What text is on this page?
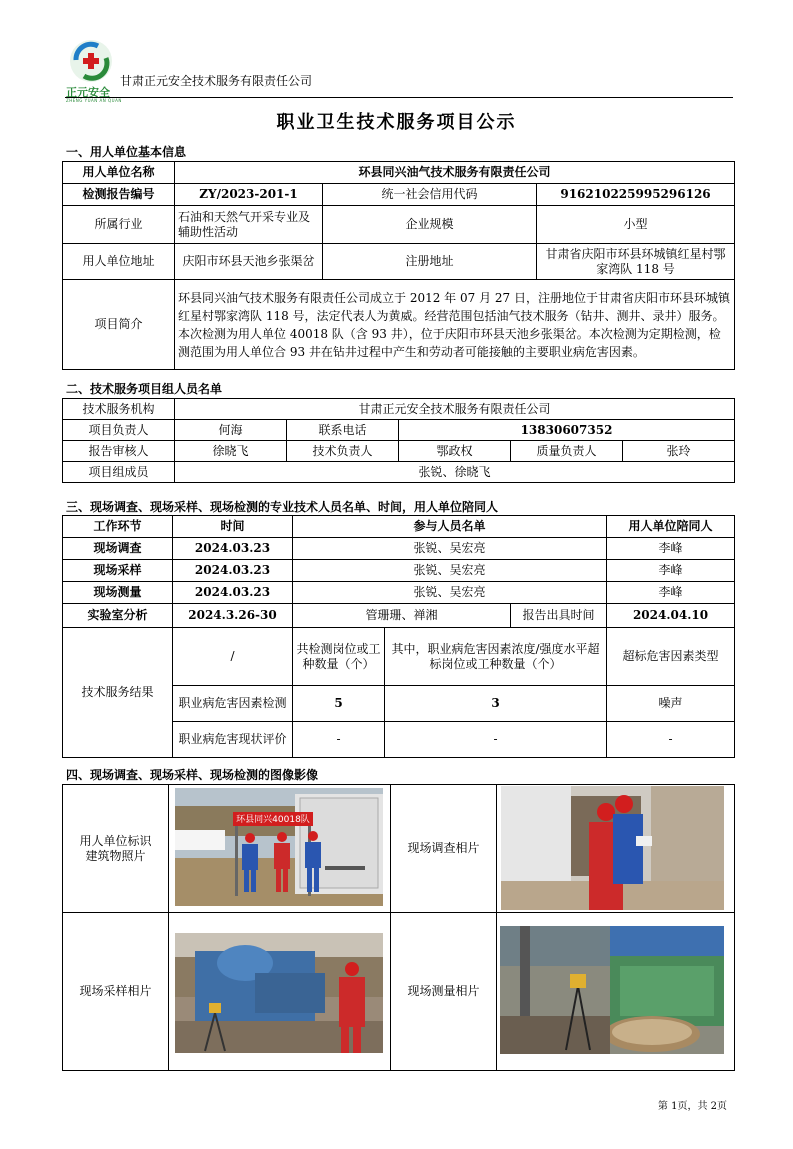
正元安全
ZHENG YUAN AN QUAN
甘肃正元安全技术服务有限责任公司
职业卫生技术服务项目公示
一、用人单位基本信息
用人单位名称	环县同兴油气技术服务有限责任公司		
检测报告编号	ZY/2023-201-1	统一社会信用代码	916210225995296126
所属行业	石油和天然气开采专业及辅助性活动	企业规模	小型
用人单位地址	庆阳市环县天池乡张渠岔	注册地址	甘肃省庆阳市环县环城镇红星村鄂家湾队 118 号
项目简介	环县同兴油气技术服务有限责任公司成立于 2012 年 07 月 27 日，注册地位于甘肃省庆阳市环县环城镇红星村鄂家湾队 118 号，法定代表人为黄威。经营范围包括油气技术服务（钻井、测井、录井）服务。本次检测为用人单位 40018 队（含 93 井），位于庆阳市环县天池乡张渠岔。本次检测为定期检测，检测范围为用人单位合 93 井在钻井过程中产生和劳动者可能接触的主要职业病危害因素。		
二、技术服务项目组人员名单
技术服务机构	甘肃正元安全技术服务有限责任公司				
项目负责人	何海	联系电话	13830607352		
报告审核人	徐晓飞	技术负责人	鄂政权	质量负责人	张玲
项目组成员	张锐、徐晓飞				
三、现场调查、现场采样、现场检测的专业技术人员名单、时间，用人单位陪同人
工作环节	时间	参与人员名单			用人单位陪同人
现场调查	2024.03.23	张锐、吴宏亮			李峰
现场采样	2024.03.23	张锐、吴宏亮			李峰
现场测量	2024.03.23	张锐、吴宏亮			李峰
实验室分析	2024.3.26-30	管珊珊、禅湘		报告出具时间	2024.04.10
技术服务结果	/	共检测岗位或工种数量（个）	其中，职业病危害因素浓度/强度水平超标岗位或工种数量（个）		超标危害因素类型
	职业病危害因素检测	5	3		噪声
	职业病危害现状评价	-	-		-
四、现场调查、现场采样、现场检测的图像影像
用人单位标识建筑物照片		现场调查相片	
现场采样相片		现场测量相片	
环县同兴40018队
第 1页，共 2页
